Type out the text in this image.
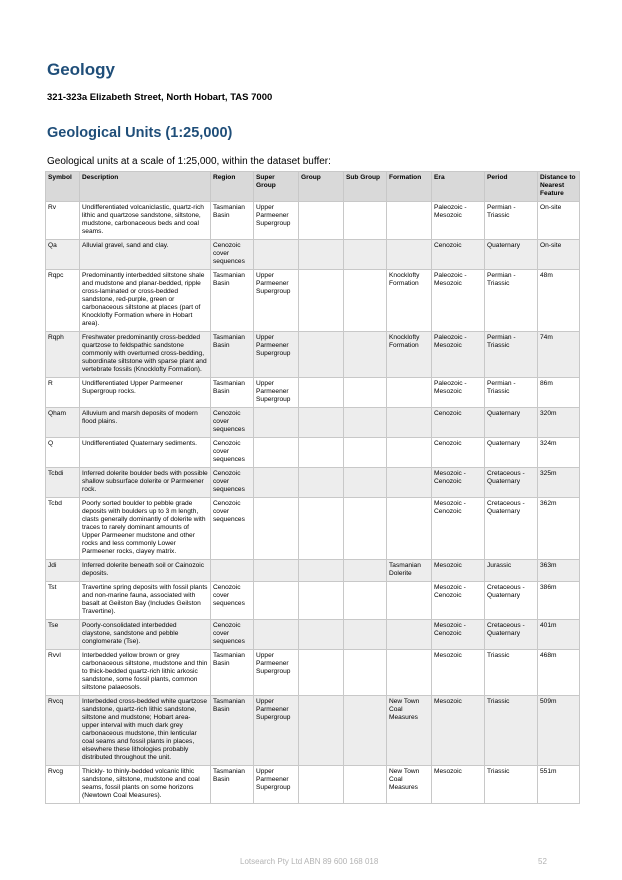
Geology
321-323a Elizabeth Street, North Hobart, TAS 7000
Geological Units (1:25,000)
Geological units at a scale of 1:25,000, within the dataset buffer:
Symbol	Description	Region	Super Group	Group	Sub Group	Formation	Era	Period	Distance to Nearest Feature
Rv	Undifferentiated volcaniclastic, quartz-rich lithic and quartzose sandstone, siltstone, mudstone, carbonaceous beds and coal seams.	Tasmanian Basin	Upper Parmeener Supergroup				Paleozoic - Mesozoic	Permian - Triassic	On-site
Qa	Alluvial gravel, sand and clay.	Cenozoic cover sequences					Cenozoic	Quaternary	On-site
Rqpc	Predominantly interbedded siltstone shale and mudstone and planar-bedded, ripple cross-laminated or cross-bedded sandstone, red-purple, green or carbonaceous siltstone at places (part of Knocklofty Formation where in Hobart area).	Tasmanian Basin	Upper Parmeener Supergroup			Knocklofty Formation	Paleozoic - Mesozoic	Permian - Triassic	48m
Rqph	Freshwater predominantly cross-bedded quartzose to feldspathic sandstone commonly with overturned cross-bedding, subordinate siltstone with sparse plant and vertebrate fossils (Knocklofty Formation).	Tasmanian Basin	Upper Parmeener Supergroup			Knocklofty Formation	Paleozoic - Mesozoic	Permian - Triassic	74m
R	Undifferentiated Upper Parmeener Supergroup rocks.	Tasmanian Basin	Upper Parmeener Supergroup				Paleozoic - Mesozoic	Permian - Triassic	86m
Qham	Alluvium and marsh deposits of modern flood plains.	Cenozoic cover sequences					Cenozoic	Quaternary	320m
Q	Undifferentiated Quaternary sediments.	Cenozoic cover sequences					Cenozoic	Quaternary	324m
Tcbdi	Inferred dolerite boulder beds with possible shallow subsurface dolerite or Parmeener rock.	Cenozoic cover sequences					Mesozoic - Cenozoic	Cretaceous - Quaternary	325m
Tcbd	Poorly sorted boulder to pebble grade deposits with boulders up to 3 m length, clasts generally dominantly of dolerite with traces to rarely dominant amounts of Upper Parmeener mudstone and other rocks and less commonly Lower Parmeener rocks, clayey matrix.	Cenozoic cover sequences					Mesozoic - Cenozoic	Cretaceous - Quaternary	362m
Jdi	Inferred dolerite beneath soil or Cainozoic deposits.					Tasmanian Dolerite	Mesozoic	Jurassic	363m
Tst	Travertine spring deposits with fossil plants and non-marine fauna, associated with basalt at Geilston Bay (Includes Geilston Travertine).	Cenozoic cover sequences					Mesozoic - Cenozoic	Cretaceous - Quaternary	386m
Tse	Poorly-consolidated interbedded claystone, sandstone and pebble conglomerate (Tse).	Cenozoic cover sequences					Mesozoic - Cenozoic	Cretaceous - Quaternary	401m
Rvvl	Interbedded yellow brown or grey carbonaceous siltstone, mudstone and thin to thick-bedded quartz-rich lithic arkosic sandstone, some fossil plants, common siltstone palaeosols.	Tasmanian Basin	Upper Parmeener Supergroup				Mesozoic	Triassic	468m
Rvcq	Interbedded cross-bedded white quartzose sandstone, quartz-rich lithic sandstone, siltstone and mudstone; Hobart area- upper interval with much dark grey carbonaceous mudstone, thin lenticular coal seams and fossil plants in places, elsewhere these lithologies probably distributed throughout the unit.	Tasmanian Basin	Upper Parmeener Supergroup			New Town Coal Measures	Mesozoic	Triassic	509m
Rvcg	Thickly- to thinly-bedded volcanic lithic sandstone, siltstone, mudstone and coal seams, fossil plants on some horizons (Newtown Coal Measures).	Tasmanian Basin	Upper Parmeener Supergroup			New Town Coal Measures	Mesozoic	Triassic	551m
Lotsearch Pty Ltd ABN 89 600 168 018	52
